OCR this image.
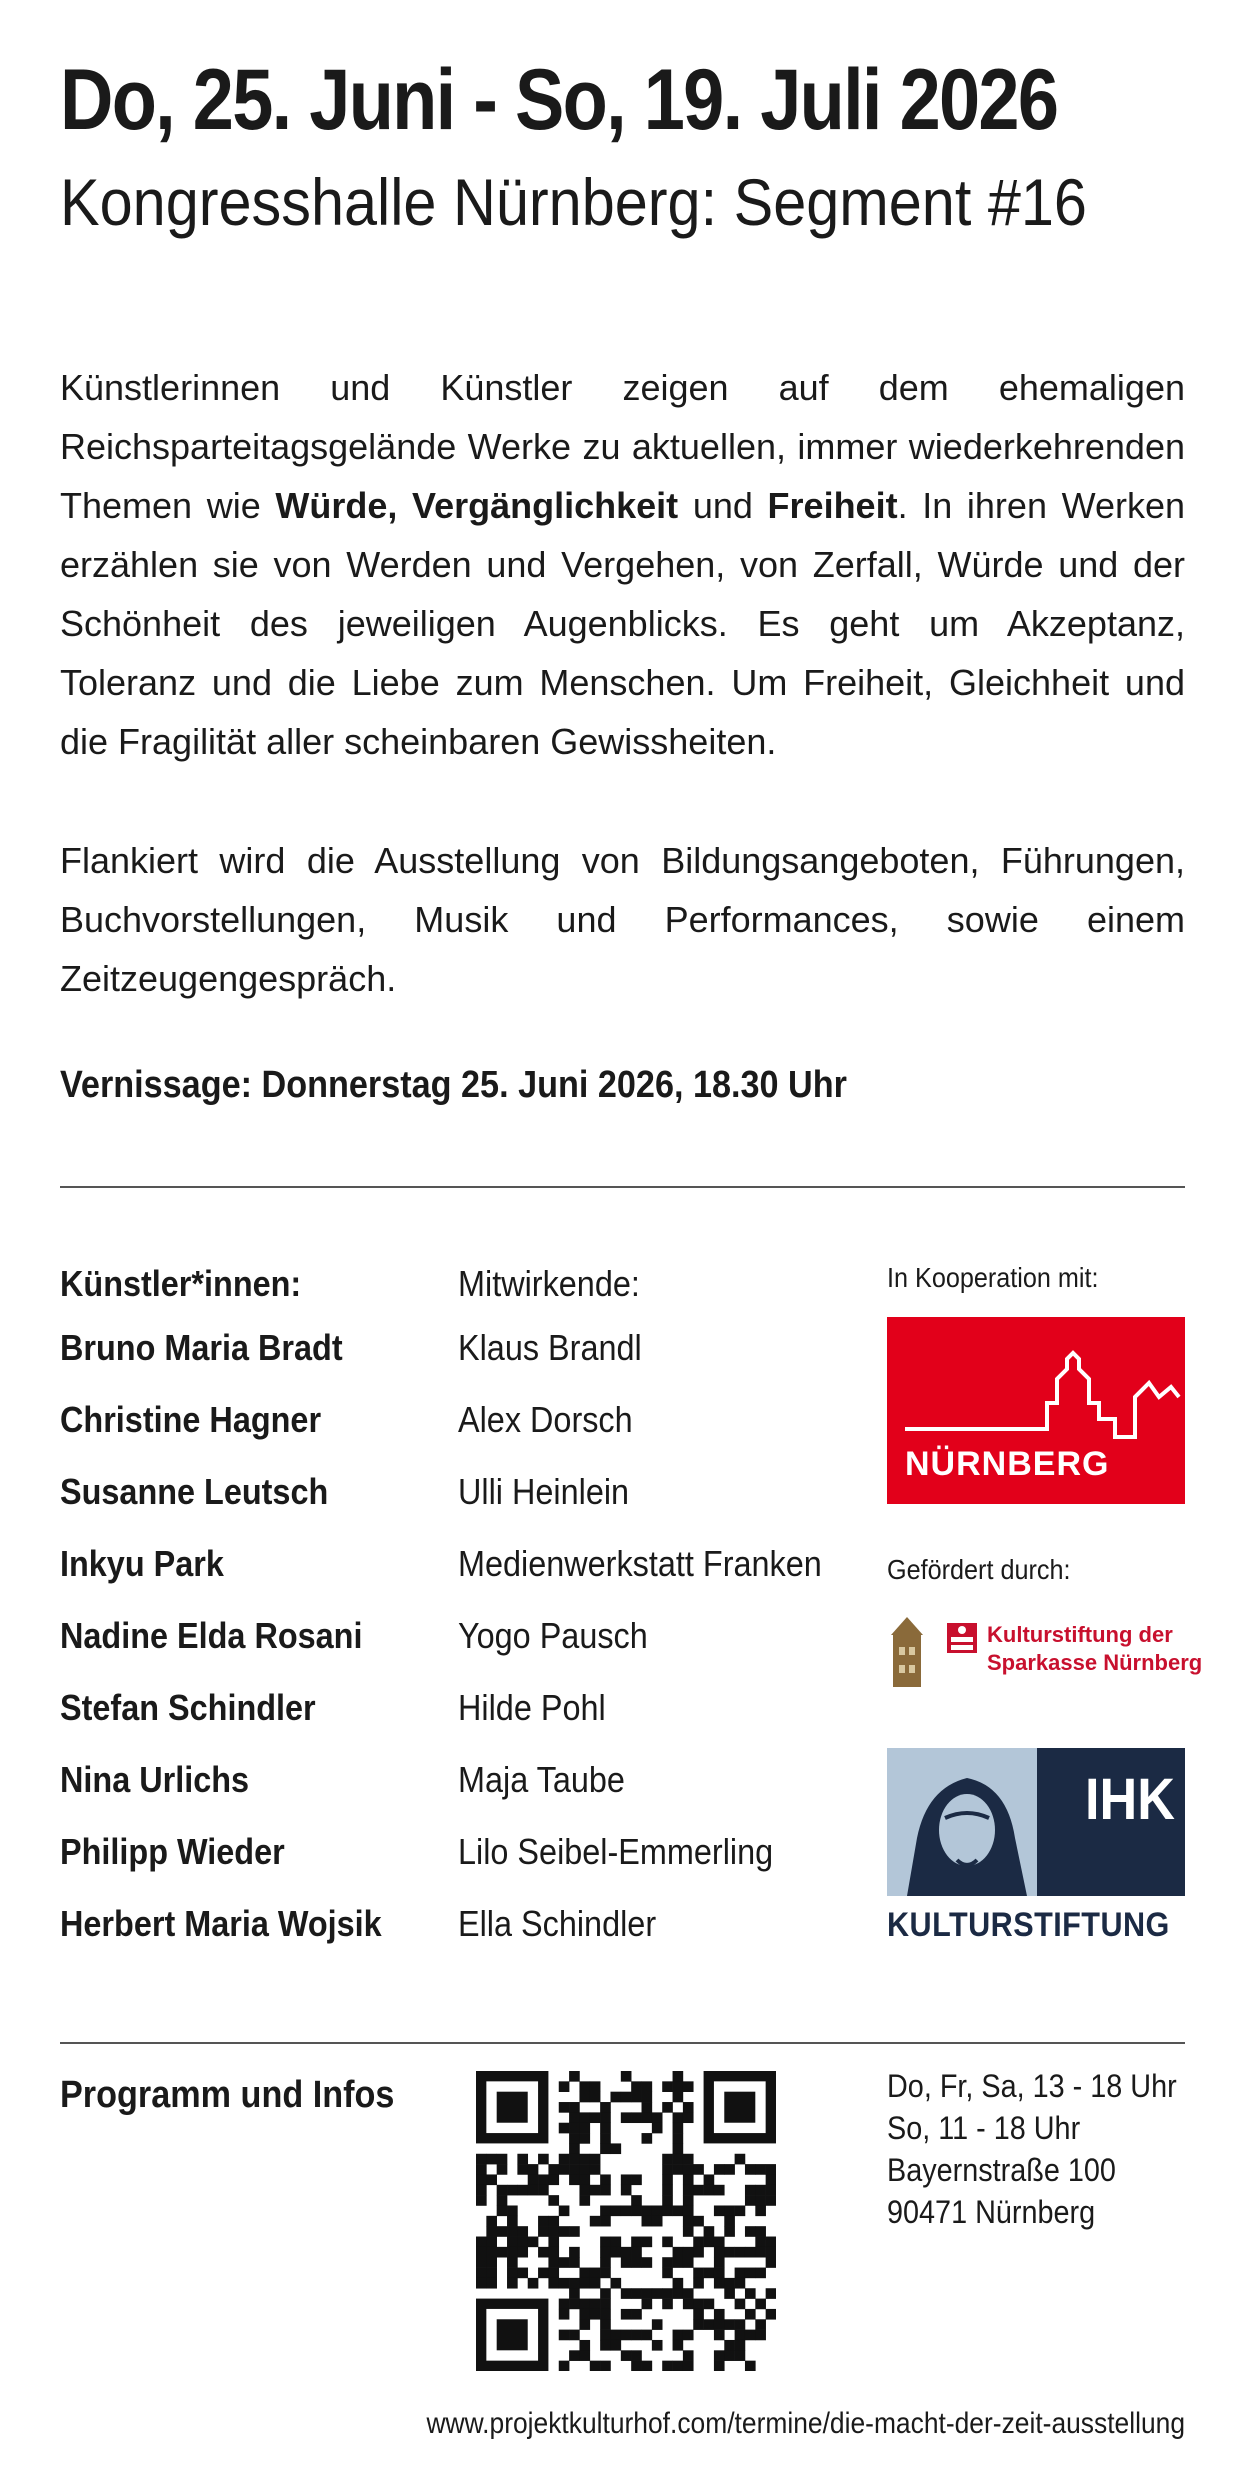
Do, 25. Juni - So, 19. Juli 2026
Kongresshalle Nürnberg: Segment #16

Künstlerinnen und Künstler zeigen auf dem ehemaligen Reichsparteitagsgelände Werke zu aktuellen, immer wiederkehrenden Themen wie Würde, Vergänglichkeit und Freiheit. In ihren Werken erzählen sie von Werden und Vergehen, von Zerfall, Würde und der Schönheit des jeweiligen Augenblicks. Es geht um Akzeptanz, Toleranz und die Liebe zum Menschen. Um Freiheit, Gleichheit und die Fragilität aller scheinbaren Gewissheiten.

Flankiert wird die Ausstellung von Bildungsangeboten, Führungen, Buchvorstellungen, Musik und Performances, sowie einem Zeitzeugengespräch.

Vernissage: Donnerstag 25. Juni 2026, 18.30 Uhr
Künstler*innen:
Bruno Maria Bradt
Christine Hagner
Susanne Leutsch
Inkyu Park
Nadine Elda Rosani
Stefan Schindler
Nina Urlichs
Philipp Wieder
Herbert Maria Wojsik
Mitwirkende:
Klaus Brandl
Alex Dorsch
Ulli Heinlein
Medienwerkstatt Franken
Yogo Pausch
Hilde Pohl
Maja Taube
Lilo Seibel-Emmerling
Ella Schindler
In Kooperation mit:
NÜRNBERG
Gefördert durch:
Kulturstiftung der
Sparkasse Nürnberg
IHK
KULTURSTIFTUNG
Programm und Infos	Do, Fr, Sa, 13 - 18 Uhr
So, 11 - 18 Uhr
Bayernstraße 100
90471 Nürnberg
www.projektkulturhof.com/termine/die-macht-der-zeit-ausstellung
